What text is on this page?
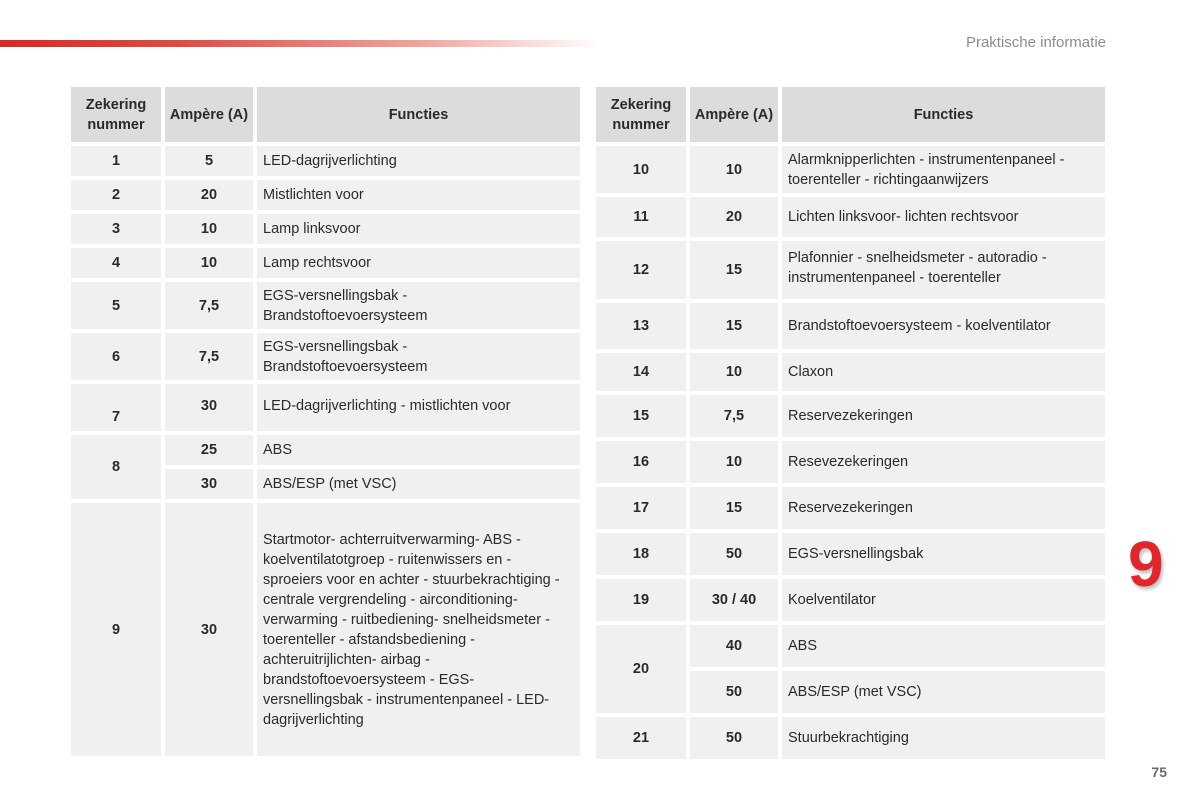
Praktische informatie
Zekering nummer	Ampère (A)	Functies
1	5	LED-dagrijverlichting
2	20	Mistlichten voor
3	10	Lamp linksvoor
4	10	Lamp rechtsvoor
5	7,5	EGS-versnellingsbak - Brandstoftoevoersysteem
6	7,5	EGS-versnellingsbak - Brandstoftoevoersysteem
7	30	LED-dagrijverlichting - mistlichten voor
8	25	ABS
	30	ABS/ESP (met VSC)
9	30	Startmotor- achterruitverwarming- ABS - koelventilatotgroep - ruitenwissers en - sproeiers voor en achter - stuurbekrachtiging - centrale vergrendeling - airconditioning- verwarming - ruitbediening- snelheidsmeter - toerenteller - afstandsbediening - achteruitrijlichten- airbag - brandstoftoevoersysteem - EGS-versnellingsbak - instrumentenpaneel - LED-dagrijverlichting
Zekering nummer	Ampère (A)	Functies
10	10	Alarmknipperlichten - instrumentenpaneel - toerenteller - richtingaanwijzers
11	20	Lichten linksvoor- lichten rechtsvoor
12	15	Plafonnier - snelheidsmeter - autoradio - instrumentenpaneel - toerenteller
13	15	Brandstoftoevoersysteem - koelventilator
14	10	Claxon
15	7,5	Reservezekeringen
16	10	Resevezekeringen
17	15	Reservezekeringen
18	50	EGS-versnellingsbak
19	30 / 40	Koelventilator
20	40	ABS
	50	ABS/ESP (met VSC)
21	50	Stuurbekrachtiging
9
75
